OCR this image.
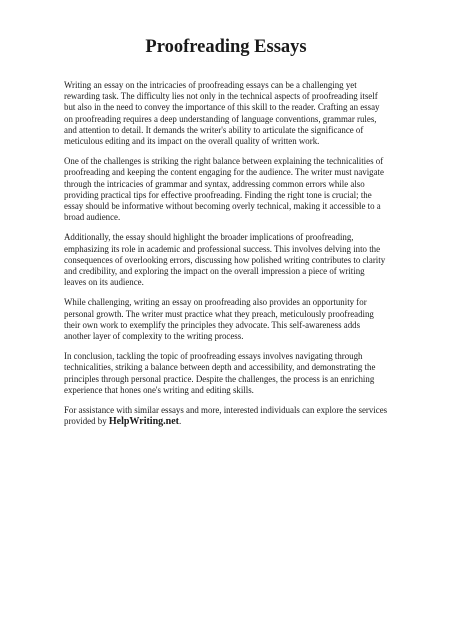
Proofreading Essays

Writing an essay on the intricacies of proofreading essays can be a challenging yet rewarding task. The difficulty lies not only in the technical aspects of proofreading itself but also in the need to convey the importance of this skill to the reader. Crafting an essay on proofreading requires a deep understanding of language conventions, grammar rules, and attention to detail. It demands the writer's ability to articulate the significance of meticulous editing and its impact on the overall quality of written work.

One of the challenges is striking the right balance between explaining the technicalities of proofreading and keeping the content engaging for the audience. The writer must navigate through the intricacies of grammar and syntax, addressing common errors while also providing practical tips for effective proofreading. Finding the right tone is crucial; the essay should be informative without becoming overly technical, making it accessible to a broad audience.

Additionally, the essay should highlight the broader implications of proofreading, emphasizing its role in academic and professional success. This involves delving into the consequences of overlooking errors, discussing how polished writing contributes to clarity and credibility, and exploring the impact on the overall impression a piece of writing leaves on its audience.

While challenging, writing an essay on proofreading also provides an opportunity for personal growth. The writer must practice what they preach, meticulously proofreading their own work to exemplify the principles they advocate. This self-awareness adds another layer of complexity to the writing process.

In conclusion, tackling the topic of proofreading essays involves navigating through technicalities, striking a balance between depth and accessibility, and demonstrating the principles through personal practice. Despite the challenges, the process is an enriching experience that hones one's writing and editing skills.

For assistance with similar essays and more, interested individuals can explore the services provided by HelpWriting.net.
